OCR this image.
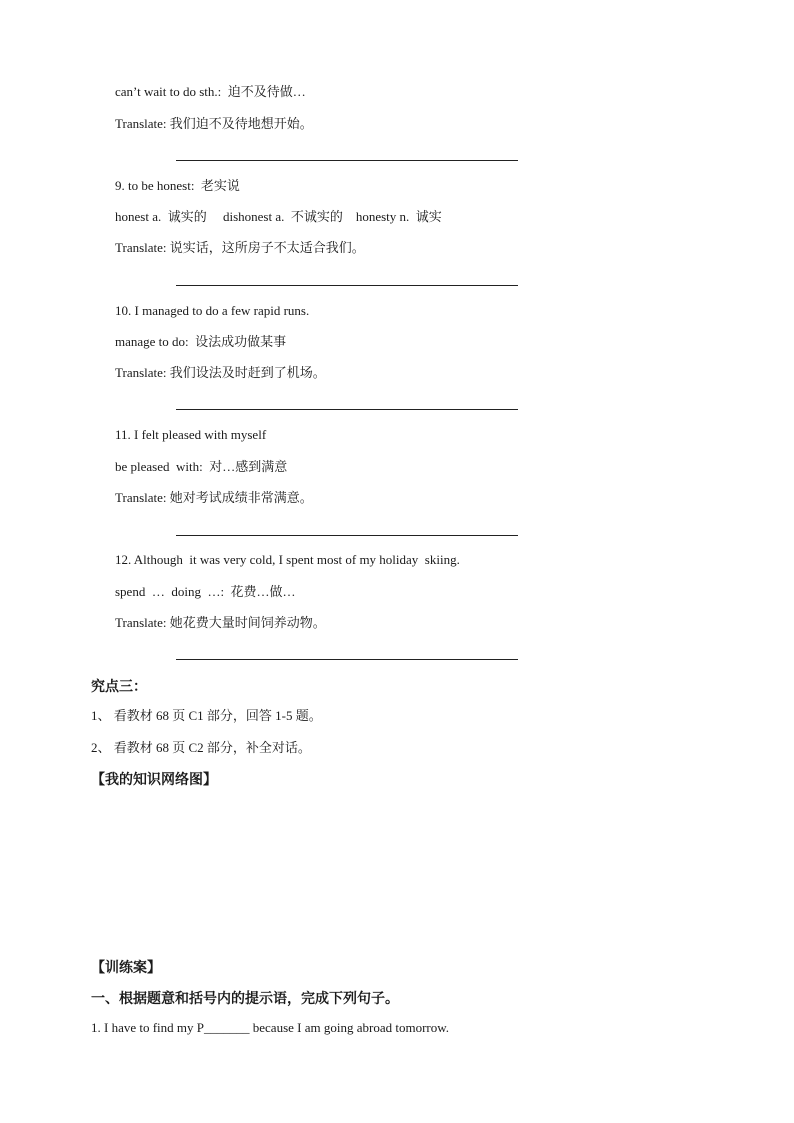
can’t wait to do sth.:  迫不及待做…
Translate: 我们迫不及待地想开始。
9. to be honest:  老实说
honest a.  诚实的     dishonest a.  不诚实的    honesty n.  诚实
Translate: 说实话，这所房子不太适合我们。
10. I managed to do a few rapid runs.
manage to do:  设法成功做某事
Translate: 我们设法及时赶到了机场。
11. I felt pleased with myself
be pleased  with:  对…感到满意
Translate: 她对考试成绩非常满意。
12. Although  it was very cold, I spent most of my holiday  skiing.
spend  …  doing  …:  花费…做…
Translate: 她花费大量时间饲养动物。
究点三：
1、 看教材 68 页 C1 部分，回答 1-5 题。
2、 看教材 68 页 C2 部分，补全对话。
【我的知识网络图】
【训练案】
一、根据题意和括号内的提示语，完成下列句子。
1. I have to find my P_______ because I am going abroad tomorrow.
